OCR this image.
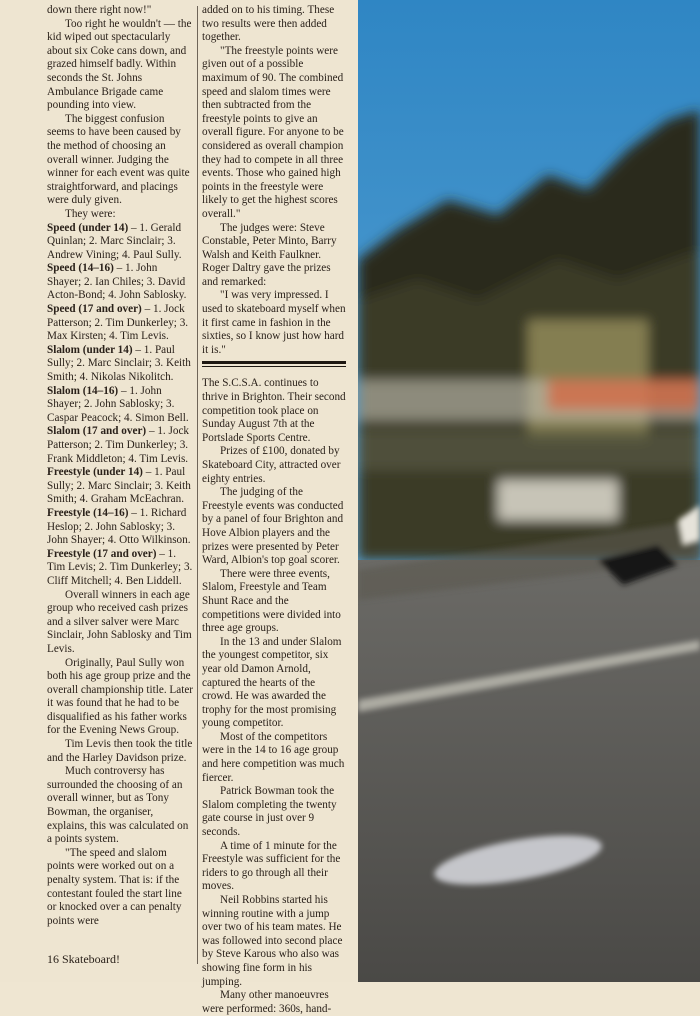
down there right now!"

Too right he wouldn't — the kid wiped out spectacularly about six Coke cans down, and grazed himself badly. Within seconds the St. Johns Ambulance Brigade came pounding into view.

The biggest confusion seems to have been caused by the method of choosing an overall winner. Judging the winner for each event was quite straightforward, and placings were duly given.

They were:

Speed (under 14) – 1. Gerald Quinlan; 2. Marc Sinclair; 3. Andrew Vining; 4. Paul Sully.

Speed (14–16) – 1. John Shayer; 2. Ian Chiles; 3. David Acton-Bond; 4. John Sablosky.

Speed (17 and over) – 1. Jock Patterson; 2. Tim Dunkerley; 3. Max Kirsten; 4. Tim Levis.

Slalom (under 14) – 1. Paul Sully; 2. Marc Sinclair; 3. Keith Smith; 4. Nikolas Nikolitch.

Slalom (14–16) – 1. John Shayer; 2. John Sablosky; 3. Caspar Peacock; 4. Simon Bell.

Slalom (17 and over) – 1. Jock Patterson; 2. Tim Dunkerley; 3. Frank Middleton; 4. Tim Levis.

Freestyle (under 14) – 1. Paul Sully; 2. Marc Sinclair; 3. Keith Smith; 4. Graham McEachran.

Freestyle (14–16) – 1. Richard Heslop; 2. John Sablosky; 3. John Shayer; 4. Otto Wilkinson.

Freestyle (17 and over) – 1. Tim Levis; 2. Tim Dunkerley; 3. Cliff Mitchell; 4. Ben Liddell.

Overall winners in each age group who received cash prizes and a silver salver were Marc Sinclair, John Sablosky and Tim Levis.

Originally, Paul Sully won both his age group prize and the overall championship title. Later it was found that he had to be disqualified as his father works for the Evening News Group.

Tim Levis then took the title and the Harley Davidson prize.

Much controversy has surrounded the choosing of an overall winner, but as Tony Bowman, the organiser, explains, this was calculated on a points system.

"The speed and slalom points were worked out on a penalty system. That is: if the contestant fouled the start line or knocked over a can penalty points were

added on to his timing. These two results were then added together.

"The freestyle points were given out of a possible maximum of 90. The combined speed and slalom times were then subtracted from the freestyle points to give an overall figure. For anyone to be considered as overall champion they had to compete in all three events. Those who gained high points in the freestyle were likely to get the highest scores overall."

The judges were: Steve Constable, Peter Minto, Barry Walsh and Keith Faulkner. Roger Daltry gave the prizes and remarked:

"I was very impressed. I used to skateboard myself when it first came in fashion in the sixties, so I know just how hard it is."

The S.C.S.A. continues to thrive in Brighton. Their second competition took place on Sunday August 7th at the Portslade Sports Centre.

Prizes of £100, donated by Skateboard City, attracted over eighty entries.

The judging of the Freestyle events was conducted by a panel of four Brighton and Hove Albion players and the prizes were presented by Peter Ward, Albion's top goal scorer.

There were three events, Slalom, Freestyle and Team Shunt Race and the competitions were divided into three age groups.

In the 13 and under Slalom the youngest competitor, six year old Damon Arnold, captured the hearts of the crowd. He was awarded the trophy for the most promising young competitor.

Most of the competitors were in the 14 to 16 age group and here competition was much fiercer.

Patrick Bowman took the Slalom completing the twenty gate course in just over 9 seconds.

A time of 1 minute for the Freestyle was sufficient for the riders to go through all their moves.

Neil Robbins started his winning routine with a jump over two of his team mates. He was followed into second place by Steve Karous who also was showing fine form in his jumping.

Many other manoeuvres were performed: 360s, hand-

16 Skateboard!
